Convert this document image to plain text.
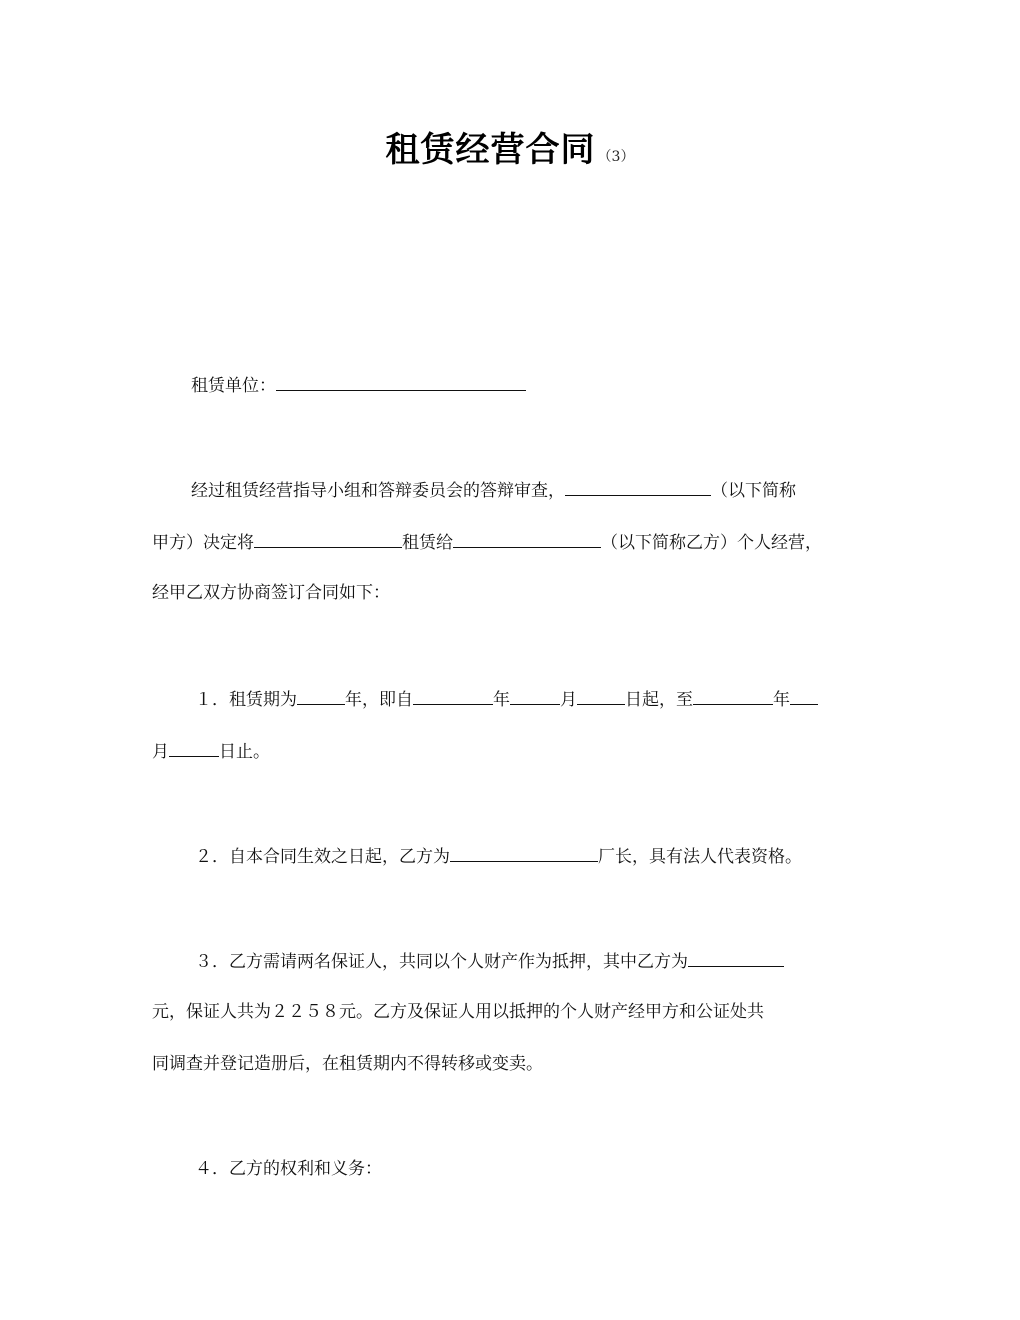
租赁经营合同 （3）
租赁单位：
经过租赁经营指导小组和答辩委员会的答辩审查，	（以下简称
甲方）决定将	租赁给	（以下简称乙方）个人经营，
经甲乙双方协商签订合同如下：
１．租赁期为	年，即自	年	月	日起，至	年
月	日止。
２．自本合同生效之日起，乙方为	厂长，具有法人代表资格。
３．乙方需请两名保证人，共同以个人财产作为抵押，其中乙方为
元，保证人共为２２５８元。乙方及保证人用以抵押的个人财产经甲方和公证处共
同调查并登记造册后，在租赁期内不得转移或变卖。
４．乙方的权利和义务：
